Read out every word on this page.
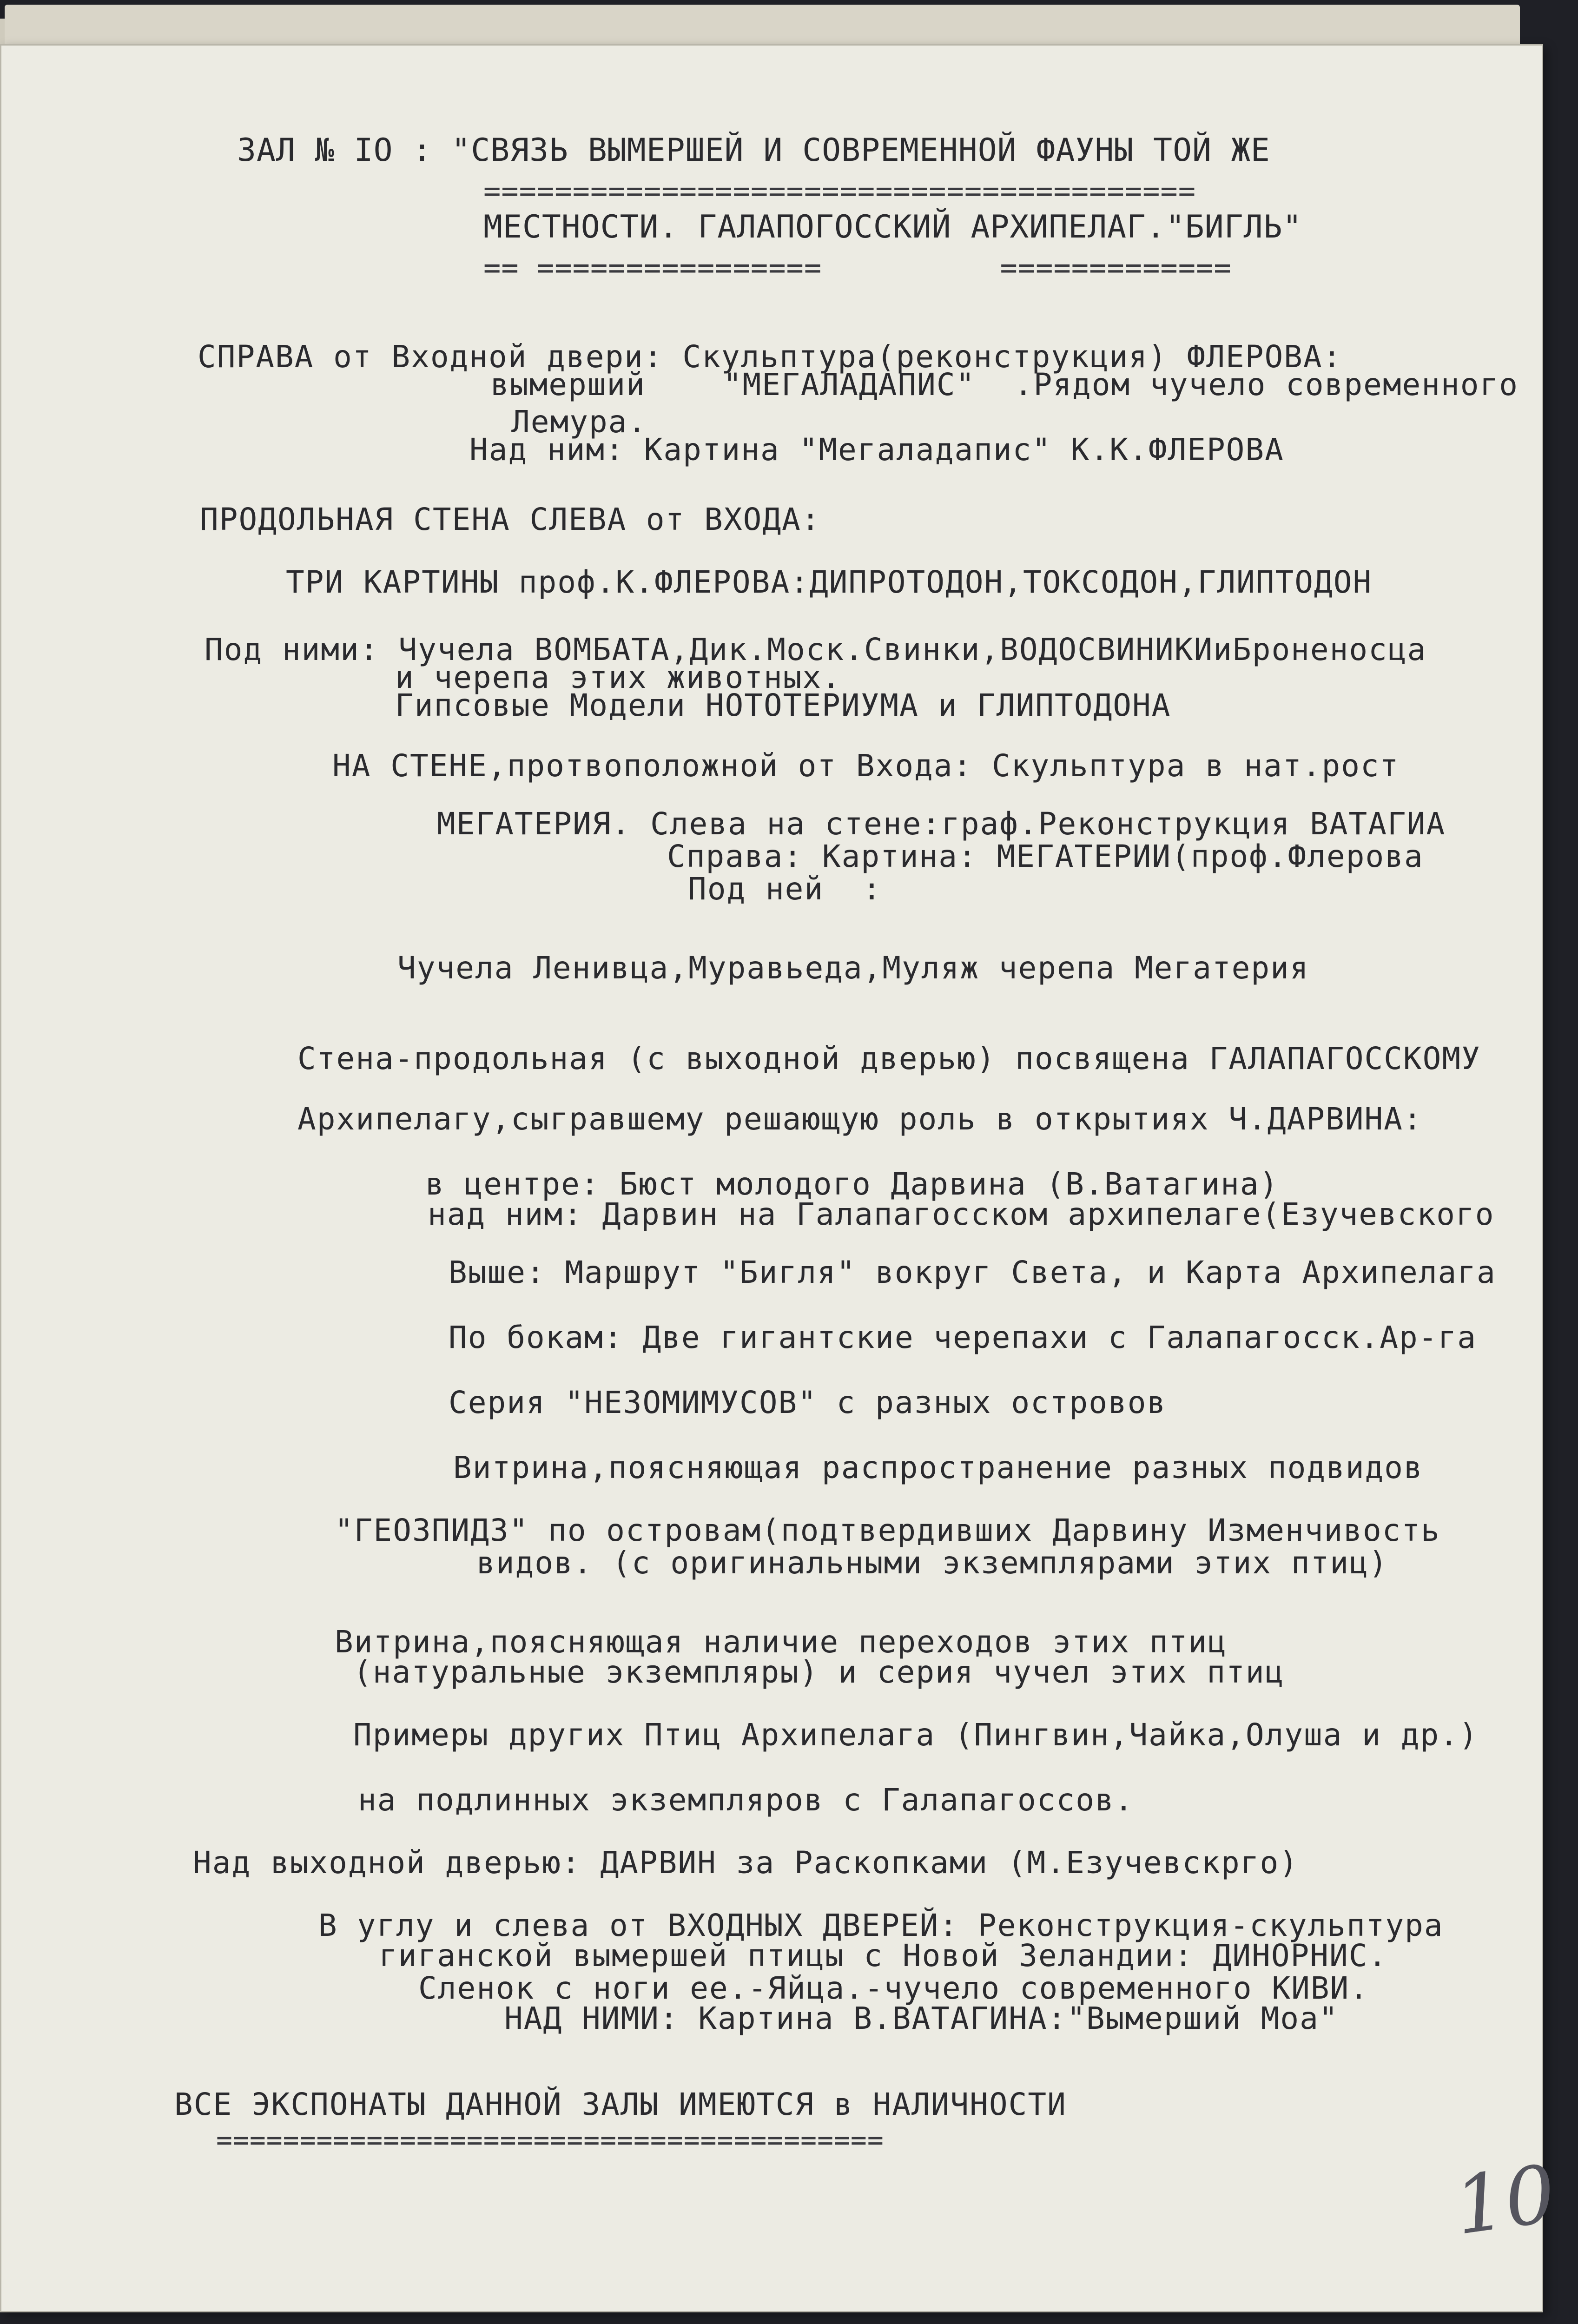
ЗАЛ № IO : "СВЯЗЬ ВЫМЕРШЕЙ И СОВРЕМЕННОЙ ФАУНЫ ТОЙ ЖЕ
========================================
МЕСТНОСТИ. ГАЛАПОГОССКИЙ АРХИПЕЛАГ."БИГЛЬ"
== ================          =============
СПРАВА от Входной двери: Скульптура(реконструкция) ФЛЕРОВА:
вымерший    "МЕГАЛАДАПИС"  .Рядом чучело современного
Лемура.
Над ним: Картина "Мегаладапис" К.К.ФЛЕРОВА
ПРОДОЛЬНАЯ СТЕНА СЛЕВА от ВХОДА:
ТРИ КАРТИНЫ проф.К.ФЛЕРОВА:ДИПРОТОДОН,ТОКСОДОН,ГЛИПТОДОН
Под ними: Чучела ВОМБАТА,Дик.Моск.Свинки,ВОДОСВИНИКИиБроненосца
и черепа этих животных.
Гипсовые Модели НОТОТЕРИУМА и ГЛИПТОДОНА
НА СТЕНЕ,протвоположной от Входа: Скульптура в нат.рост
МЕГАТЕРИЯ. Слева на стене:граф.Реконструкция ВАТАГИА
Справа: Картина: МЕГАТЕРИИ(проф.Флерова
Под ней  :
Чучела Ленивца,Муравьеда,Муляж черепа Мегатерия
Стена-продольная (с выходной дверью) посвящена ГАЛАПАГОССКОМУ
Архипелагу,сыгравшему решающую роль в открытиях Ч.ДАРВИНА:
в центре: Бюст молодого Дарвина (В.Ватагина)
над ним: Дарвин на Галапагосском архипелаге(Езучевского
Выше: Маршрут "Бигля" вокруг Света, и Карта Архипелага
По бокам: Две гигантские черепахи с Галапагосск.Ар-га
Серия "НЕЗОМИМУСОВ" с разных островов
Витрина,поясняющая распространение разных подвидов
"ГЕОЗПИДЗ" по островам(подтвердивших Дарвину Изменчивость
видов. (с оригинальными экземплярами этих птиц)
Витрина,поясняющая наличие переходов этих птиц
(натуральные экземпляры) и серия чучел этих птиц
Примеры других Птиц Архипелага (Пингвин,Чайка,Олуша и др.)
на подлинных экземпляров с Галапагоссов.
Над выходной дверью: ДАРВИН за Раскопками (М.Езучевскрго)
В углу и слева от ВХОДНЫХ ДВЕРЕЙ: Реконструкция-скульптура
гиганской вымершей птицы с Новой Зеландии: ДИНОРНИС.
Сленок с ноги ее.-Яйца.-чучело современного КИВИ.
НАД НИМИ: Картина В.ВАТАГИНА:"Вымерший Моа"
ВСЕ ЭКСПОНАТЫ ДАННОЙ ЗАЛЫ ИМЕЮТСЯ в НАЛИЧНОСТИ
========================================
10
